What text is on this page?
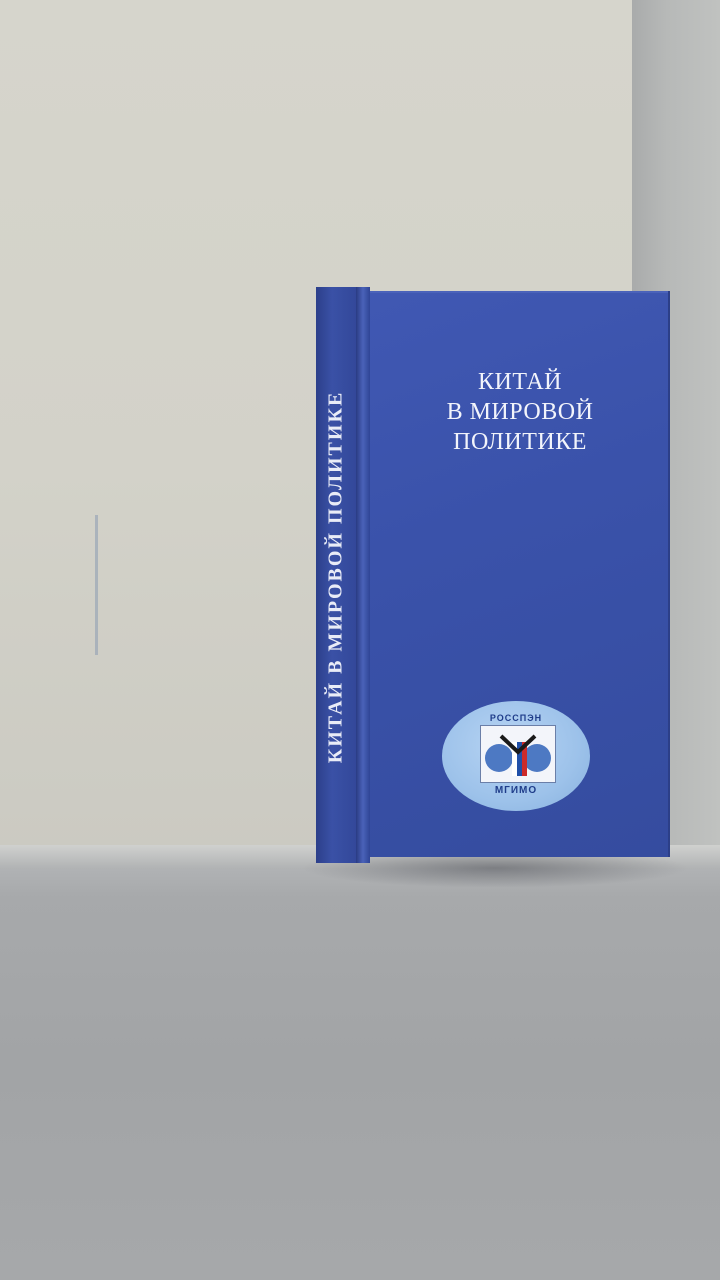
КИТАЙ В МИРОВОЙ ПОЛИТИКЕ
КИТАЙ
В МИРОВОЙ
ПОЛИТИКЕ
РОССПЭН
МГИМО
